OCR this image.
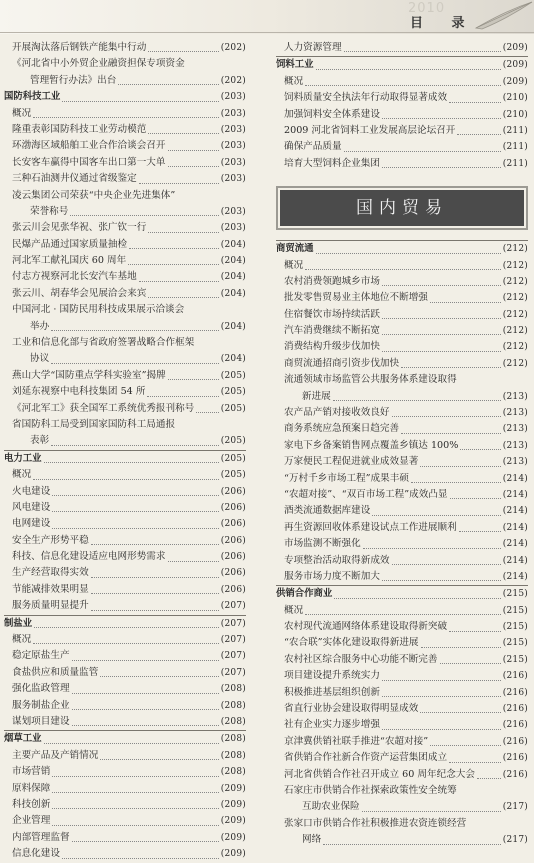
2010
目 录
开展淘汰落后钢铁产能集中行动	(202)
《河北省中小外贸企业融资担保专项资金
管理暂行办法》出台	(202)
国防科技工业	(203)
概况	(203)
隆重表彰国防科技工业劳动模范	(203)
环渤海区域船舶工业合作洽谈会召开	(203)
长安客车赢得中国客车出口第一大单	(203)
三种石油测井仪通过省级鉴定	(203)
凌云集团公司荣获“中央企业先进集体”
荣誉称号	(203)
张云川会见张华祝、张广钦一行	(203)
民爆产品通过国家质量抽检	(204)
河北军工献礼国庆 60 周年	(204)
付志方视察河北长安汽车基地	(204)
张云川、胡春华会见展洽会来宾	(204)
中国河北 · 国防民用科技成果展示洽谈会
举办	(204)
工业和信息化部与省政府签署战略合作框架
协议	(204)
燕山大学“国防重点学科实验室”揭牌	(205)
刘延东视察中电科技集团 54 所	(205)
《河北军工》获全国军工系统优秀报刊称号	(205)
省国防科工局受到国家国防科工局通报
表彰	(205)
电力工业	(205)
概况	(205)
火电建设	(206)
风电建设	(206)
电网建设	(206)
安全生产形势平稳	(206)
科技、信息化建设适应电网形势需求	(206)
生产经营取得实效	(206)
节能减排效果明显	(206)
服务质量明显提升	(207)
制盐业	(207)
概况	(207)
稳定原盐生产	(207)
食盐供应和质量监管	(207)
强化监政管理	(208)
服务制盐企业	(208)
谋划项目建设	(208)
烟草工业	(208)
主要产品及产销情况	(208)
市场营销	(208)
原料保障	(209)
科技创新	(209)
企业管理	(209)
内部管理监督	(209)
信息化建设	(209)
人力资源管理	(209)
饲料工业	(209)
概况	(209)
饲料质量安全执法年行动取得显著成效	(210)
加强饲料安全体系建设	(210)
2009 河北省饲料工业发展高层论坛召开	(211)
确保产品质量	(211)
培育大型饲料企业集团	(211)
国内贸易
商贸流通	(212)
概况	(212)
农村消费领跑城乡市场	(212)
批发零售贸易业主体地位不断增强	(212)
住宿餐饮市场持续活跃	(212)
汽车消费继续不断拓宽	(212)
消费结构升级步伐加快	(212)
商贸流通招商引资步伐加快	(212)
流通领域市场监管公共服务体系建设取得
新进展	(213)
农产品产销对接收效良好	(213)
商务系统应急预案日趋完善	(213)
家电下乡备案销售网点覆盖乡镇达 100%	(213)
万家便民工程促进就业成效显著	(213)
“万村千乡市场工程”成果丰硕	(214)
“农超对接”、“双百市场工程”成效凸显	(214)
酒类流通数据库建设	(214)
再生资源回收体系建设试点工作进展顺利	(214)
市场监测不断强化	(214)
专项整治活动取得新成效	(214)
服务市场力度不断加大	(214)
供销合作商业	(215)
概况	(215)
农村现代流通网络体系建设取得新突破	(215)
“农合联”实体化建设取得新进展	(215)
农村社区综合服务中心功能不断完善	(215)
项目建设提升系统实力	(216)
积极推进基层组织创新	(216)
省直行业协会建设取得明显成效	(216)
社有企业实力逐步增强	(216)
京津冀供销社联手推进“农超对接”	(216)
省供销合作社新合作资产运营集团成立	(216)
河北省供销合作社召开成立 60 周年纪念大会	(216)
石家庄市供销合作社探索政策性安全统筹
互助农业保险	(217)
张家口市供销合作社积极推进农资连锁经营
网络	(217)
